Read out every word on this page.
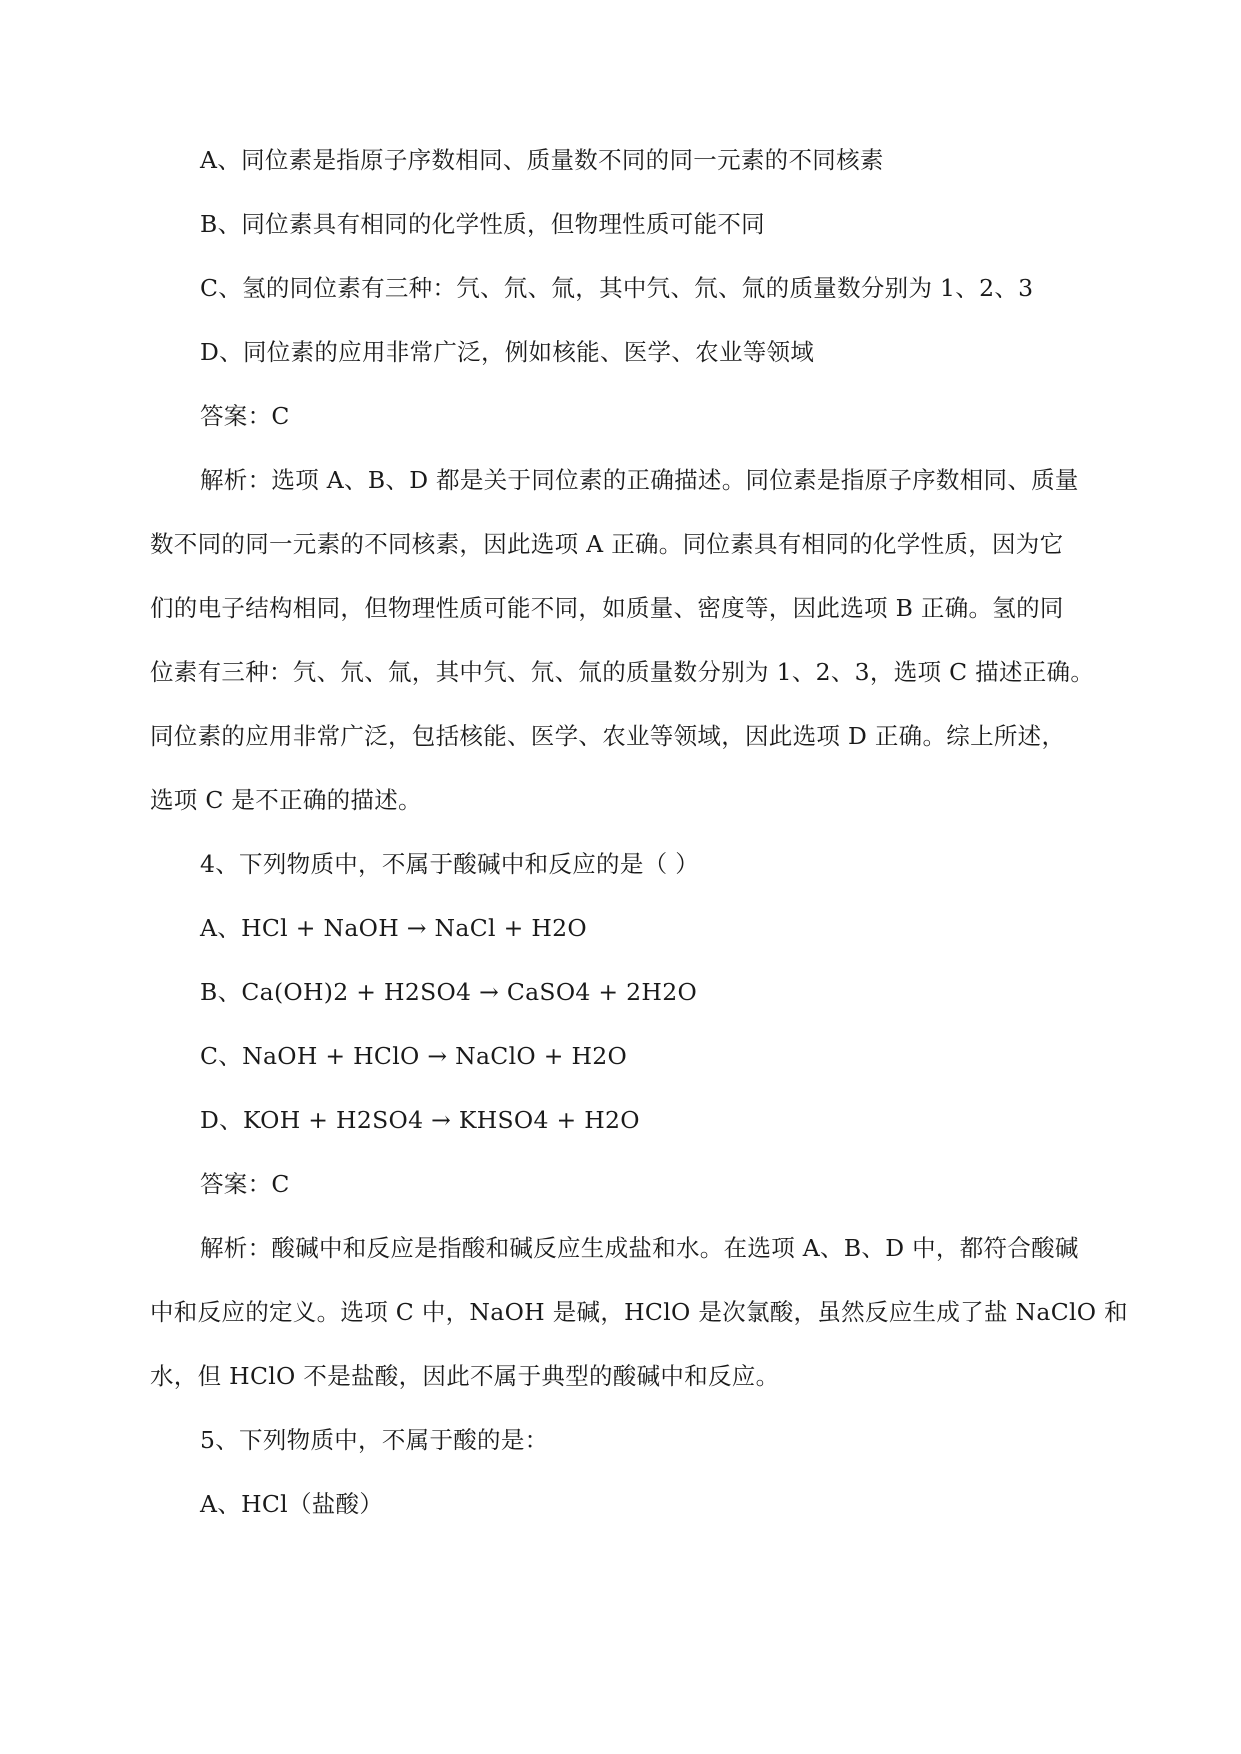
A、同位素是指原子序数相同、质量数不同的同一元素的不同核素
B、同位素具有相同的化学性质，但物理性质可能不同
C、氢的同位素有三种：氕、氘、氚，其中氕、氘、氚的质量数分别为 1、2、3
D、同位素的应用非常广泛，例如核能、医学、农业等领域
答案：C
解析：选项 A、B、D 都是关于同位素的正确描述。同位素是指原子序数相同、质量
数不同的同一元素的不同核素，因此选项 A 正确。同位素具有相同的化学性质，因为它
们的电子结构相同，但物理性质可能不同，如质量、密度等，因此选项 B 正确。氢的同
位素有三种：氕、氘、氚，其中氕、氘、氚的质量数分别为 1、2、3，选项 C 描述正确。
同位素的应用非常广泛，包括核能、医学、农业等领域，因此选项 D 正确。综上所述，
选项 C 是不正确的描述。
4、下列物质中，不属于酸碱中和反应的是（ ）
A、HCl + NaOH → NaCl + H2O
B、Ca(OH)2 + H2SO4 → CaSO4 + 2H2O
C、NaOH + HClO → NaClO + H2O
D、KOH + H2SO4 → KHSO4 + H2O
答案：C
解析：酸碱中和反应是指酸和碱反应生成盐和水。在选项 A、B、D 中，都符合酸碱
中和反应的定义。选项 C 中，NaOH 是碱，HClO 是次氯酸，虽然反应生成了盐 NaClO 和
水，但 HClO 不是盐酸，因此不属于典型的酸碱中和反应。
5、下列物质中，不属于酸的是：
A、HCl（盐酸）
